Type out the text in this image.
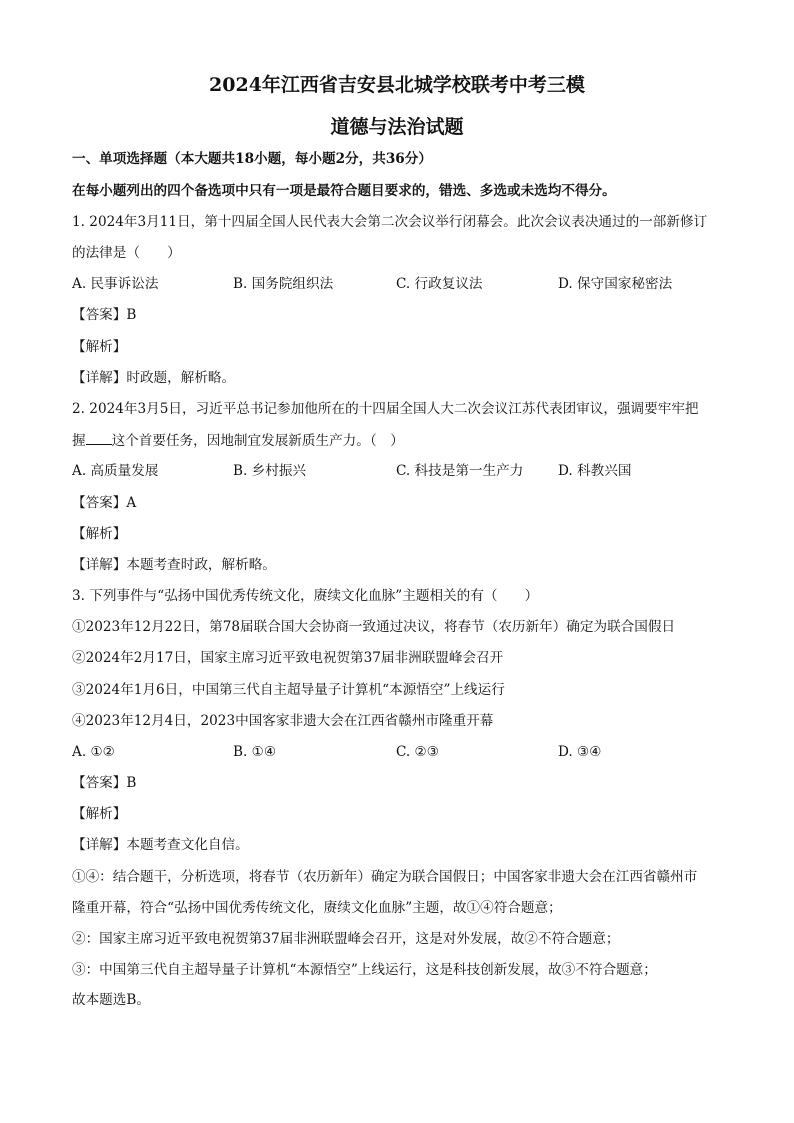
2024年江西省吉安县北城学校联考中考三模
道德与法治试题
一、单项选择题（本大题共18小题，每小题2分，共36分）
在每小题列出的四个备选项中只有一项是最符合题目要求的，错选、多选或未选均不得分。
1. 2024年3月11日，第十四届全国人民代表大会第二次会议举行闭幕会。此次会议表决通过的一部新修订
的法律是（　　）
A. 民事诉讼法	B. 国务院组织法	C. 行政复议法	D. 保守国家秘密法
【答案】B
【解析】
【详解】时政题，解析略。
2. 2024年3月5日，习近平总书记参加他所在的十四届全国人大二次会议江苏代表团审议，强调要牢牢把
握 这个首要任务，因地制宜发展新质生产力。（　）
A. 高质量发展	B. 乡村振兴	C. 科技是第一生产力	D. 科教兴国
【答案】A
【解析】
【详解】本题考查时政，解析略。
3. 下列事件与“弘扬中国优秀传统文化，赓续文化血脉”主题相关的有（　　）
①2023年12月22日，第78届联合国大会协商一致通过决议，将春节（农历新年）确定为联合国假日
②2024年2月17日，国家主席习近平致电祝贺第37届非洲联盟峰会召开
③2024年1月6日，中国第三代自主超导量子计算机“本源悟空”上线运行
④2023年12月4日，2023中国客家非遗大会在江西省赣州市隆重开幕
A. ①②	B. ①④	C. ②③	D. ③④
【答案】B
【解析】
【详解】本题考查文化自信。
①④：结合题干，分析选项，将春节（农历新年）确定为联合国假日；中国客家非遗大会在江西省赣州市
隆重开幕，符合“弘扬中国优秀传统文化，赓续文化血脉”主题，故①④符合题意；
②：国家主席习近平致电祝贺第37届非洲联盟峰会召开，这是对外发展，故②不符合题意；
③：中国第三代自主超导量子计算机“本源悟空”上线运行，这是科技创新发展，故③不符合题意；
故本题选B。
